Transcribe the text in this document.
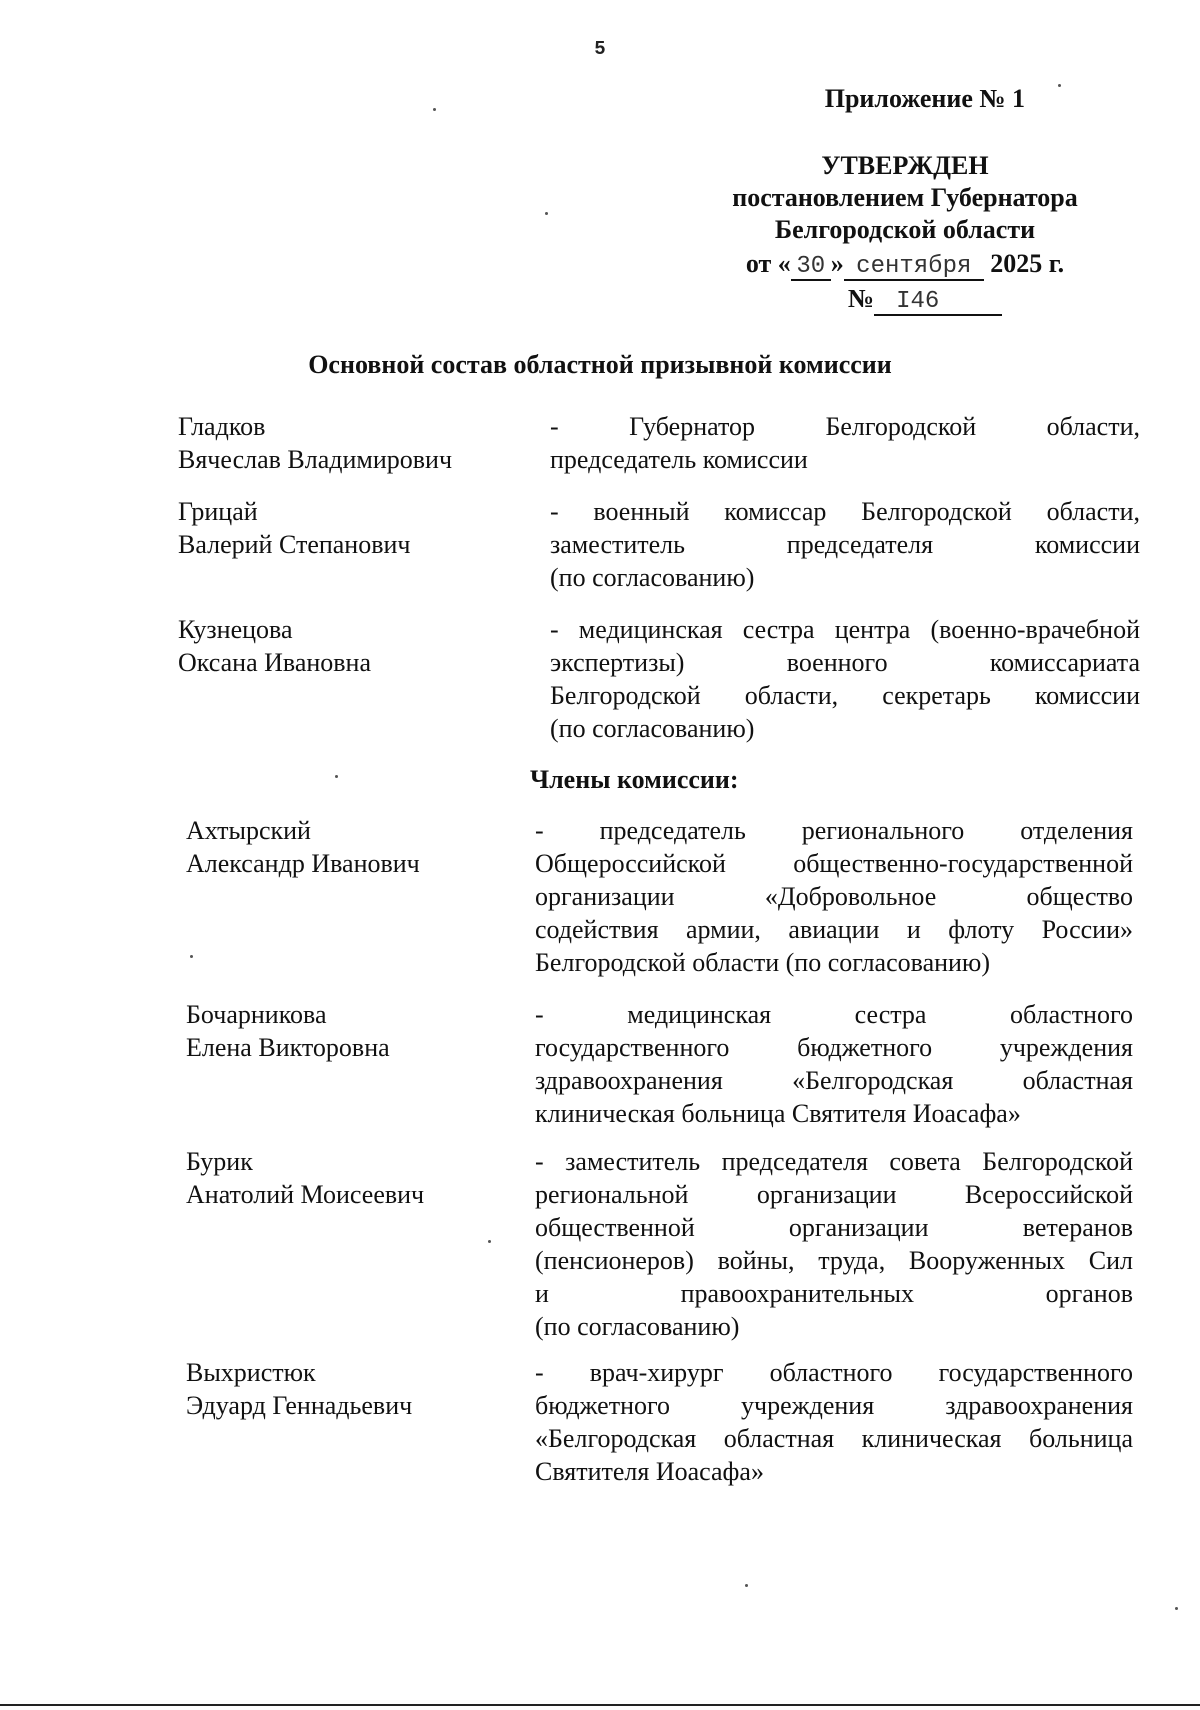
5
Приложение № 1
УТВЕРЖДЕН
постановлением Губернатора
Белгородской области
от « 30 » сентября 2025 г.
№ I46
Основной состав областной призывной комиссии
Гладков
Вячеслав Владимирович
- Губернатор Белгородской области,
председатель комиссии
Грицай
Валерий Степанович
- военный комиссар Белгородской области,
заместитель председателя комиссии
(по согласованию)
Кузнецова
Оксана Ивановна
- медицинская сестра центра (военно-врачебной
экспертизы) военного комиссариата
Белгородской области, секретарь комиссии
(по согласованию)
Члены комиссии:
Ахтырский
Александр Иванович
- председатель регионального отделения
Общероссийской общественно-государственной
организации «Добровольное общество
содействия армии, авиации и флоту России»
Белгородской области (по согласованию)
Бочарникова
Елена Викторовна
- медицинская сестра областного
государственного бюджетного учреждения
здравоохранения «Белгородская областная
клиническая больница Святителя Иоасафа»
Бурик
Анатолий Моисеевич
- заместитель председателя совета Белгородской
региональной организации Всероссийской
общественной организации ветеранов
(пенсионеров) войны, труда, Вооруженных Сил
и правоохранительных органов
(по согласованию)
Выхристюк
Эдуард Геннадьевич
- врач-хирург областного государственного
бюджетного учреждения здравоохранения
«Белгородская областная клиническая больница
Святителя Иоасафа»
